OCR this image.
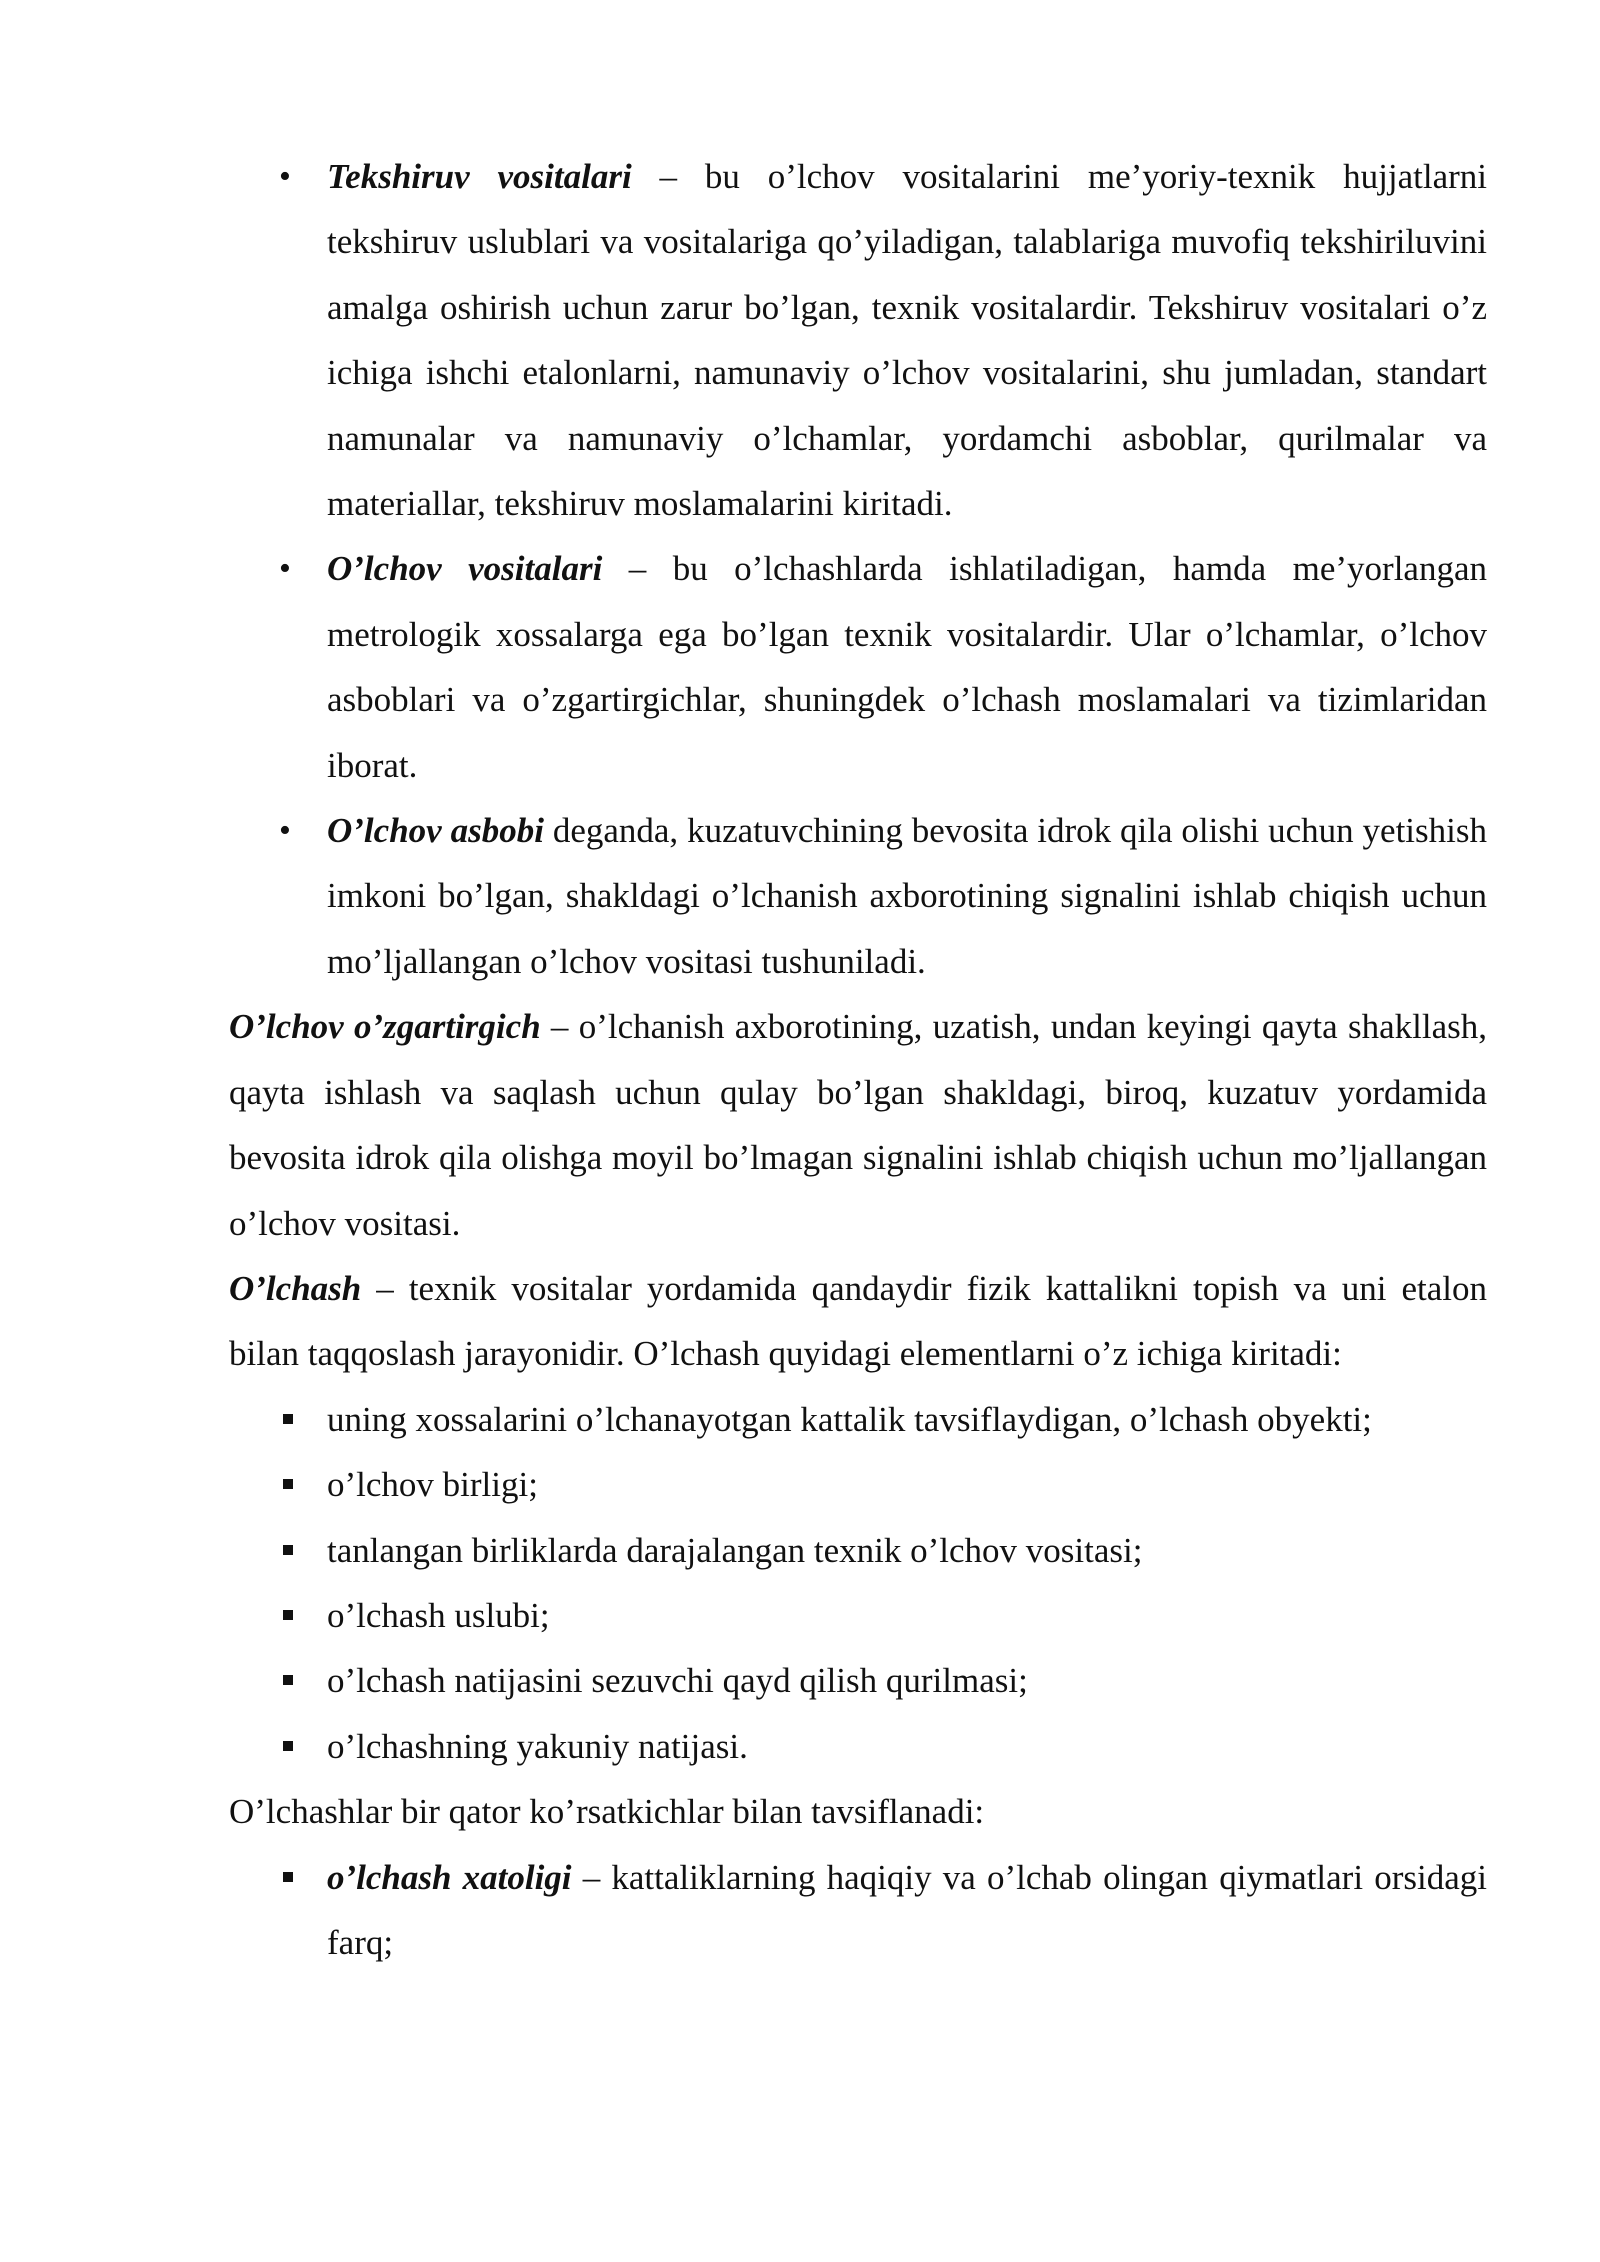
• Tekshiruv vositalari – bu o’lchov vositalarini me’yoriy-texnik hujjatlarni tekshiruv uslublari va vositalariga qo’yiladigan, talablariga muvofiq tekshiriluvini amalga oshirish uchun zarur bo’lgan, texnik vositalardir. Tekshiruv vositalari o’z ichiga ishchi etalonlarni, namunaviy o’lchov vositalarini, shu jumladan, standart namunalar va namunaviy o’lchamlar, yordamchi asboblar, qurilmalar va materiallar, tekshiruv moslamalarini kiritadi.
• O’lchov vositalari – bu o’lchashlarda ishlatiladigan, hamda me’yorlangan metrologik xossalarga ega bo’lgan texnik vositalardir. Ular o’lchamlar, o’lchov asboblari va o’zgartirgichlar, shuningdek o’lchash moslamalari va tizimlaridan iborat.
• O’lchov asbobi deganda, kuzatuvchining bevosita idrok qila olishi uchun yetishish imkoni bo’lgan, shakldagi o’lchanish axborotining signalini ishlab chiqish uchun mo’ljallangan o’lchov vositasi tushuniladi.

O’lchov o’zgartirgich – o’lchanish axborotining, uzatish, undan keyingi qayta shakllash, qayta ishlash va saqlash uchun qulay bo’lgan shakldagi, biroq, kuzatuv yordamida bevosita idrok qila olishga moyil bo’lmagan signalini ishlab chiqish uchun mo’ljallangan o’lchov vositasi.

O’lchash – texnik vositalar yordamida qandaydir fizik kattalikni topish va uni etalon bilan taqqoslash jarayonidir. O’lchash quyidagi elementlarni o’z ichiga kiritadi:

uning xossalarini o’lchanayotgan kattalik tavsiflaydigan, o’lchash obyekti;
o’lchov birligi;
tanlangan birliklarda darajalangan texnik o’lchov vositasi;
o’lchash uslubi;
o’lchash natijasini sezuvchi qayd qilish qurilmasi;
o’lchashning yakuniy natijasi.

O’lchashlar bir qator ko’rsatkichlar bilan tavsiflanadi:

o’lchash xatoligi – kattaliklarning haqiqiy va o’lchab olingan qiymatlari orsidagi farq;
